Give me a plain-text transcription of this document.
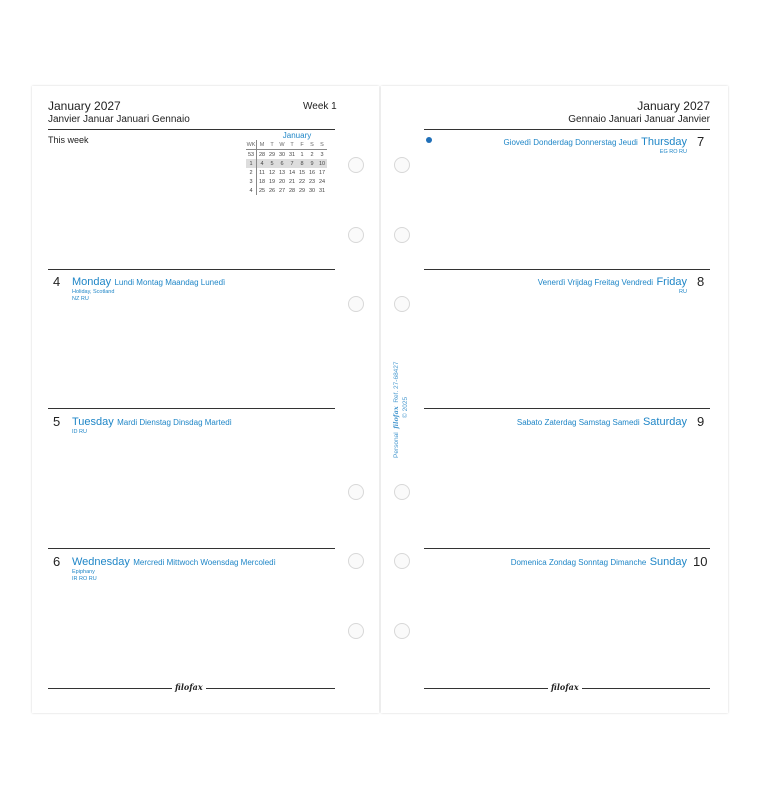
January 2027
Janvier Januar Januari Gennaio
Week 1
This week	January
WK	M	T	W	T	F	S	S
53	28	29	30	31	1	2	3
1	4	5	6	7	8	9	10
2	11	12	13	14	15	16	17
3	18	19	20	21	22	23	24
4	25	26	27	28	29	30	31
4 Monday Lundi Montag Maandag Lunedì
Holiday, Scotland
NZ RU
5 Tuesday Mardi Dienstag Dinsdag Martedì
ID RU
6 Wednesday Mercredi Mittwoch Woensdag Mercoledì
Epiphany
IR RO RU
filofax
January 2027
Gennaio Januari Januar Janvier
Giovedì Donderdag Donnerstag Jeudi Thursday 7
EG RO RU
Venerdì Vrijdag Freitag Vendredi Friday 8
RU
Sabato Zaterdag Samstag Samedi Saturday 9
Domenica Zondag Sonntag Dimanche Sunday 10
filofax
Personal  filofax  Ref. 27-68427
© 2025
